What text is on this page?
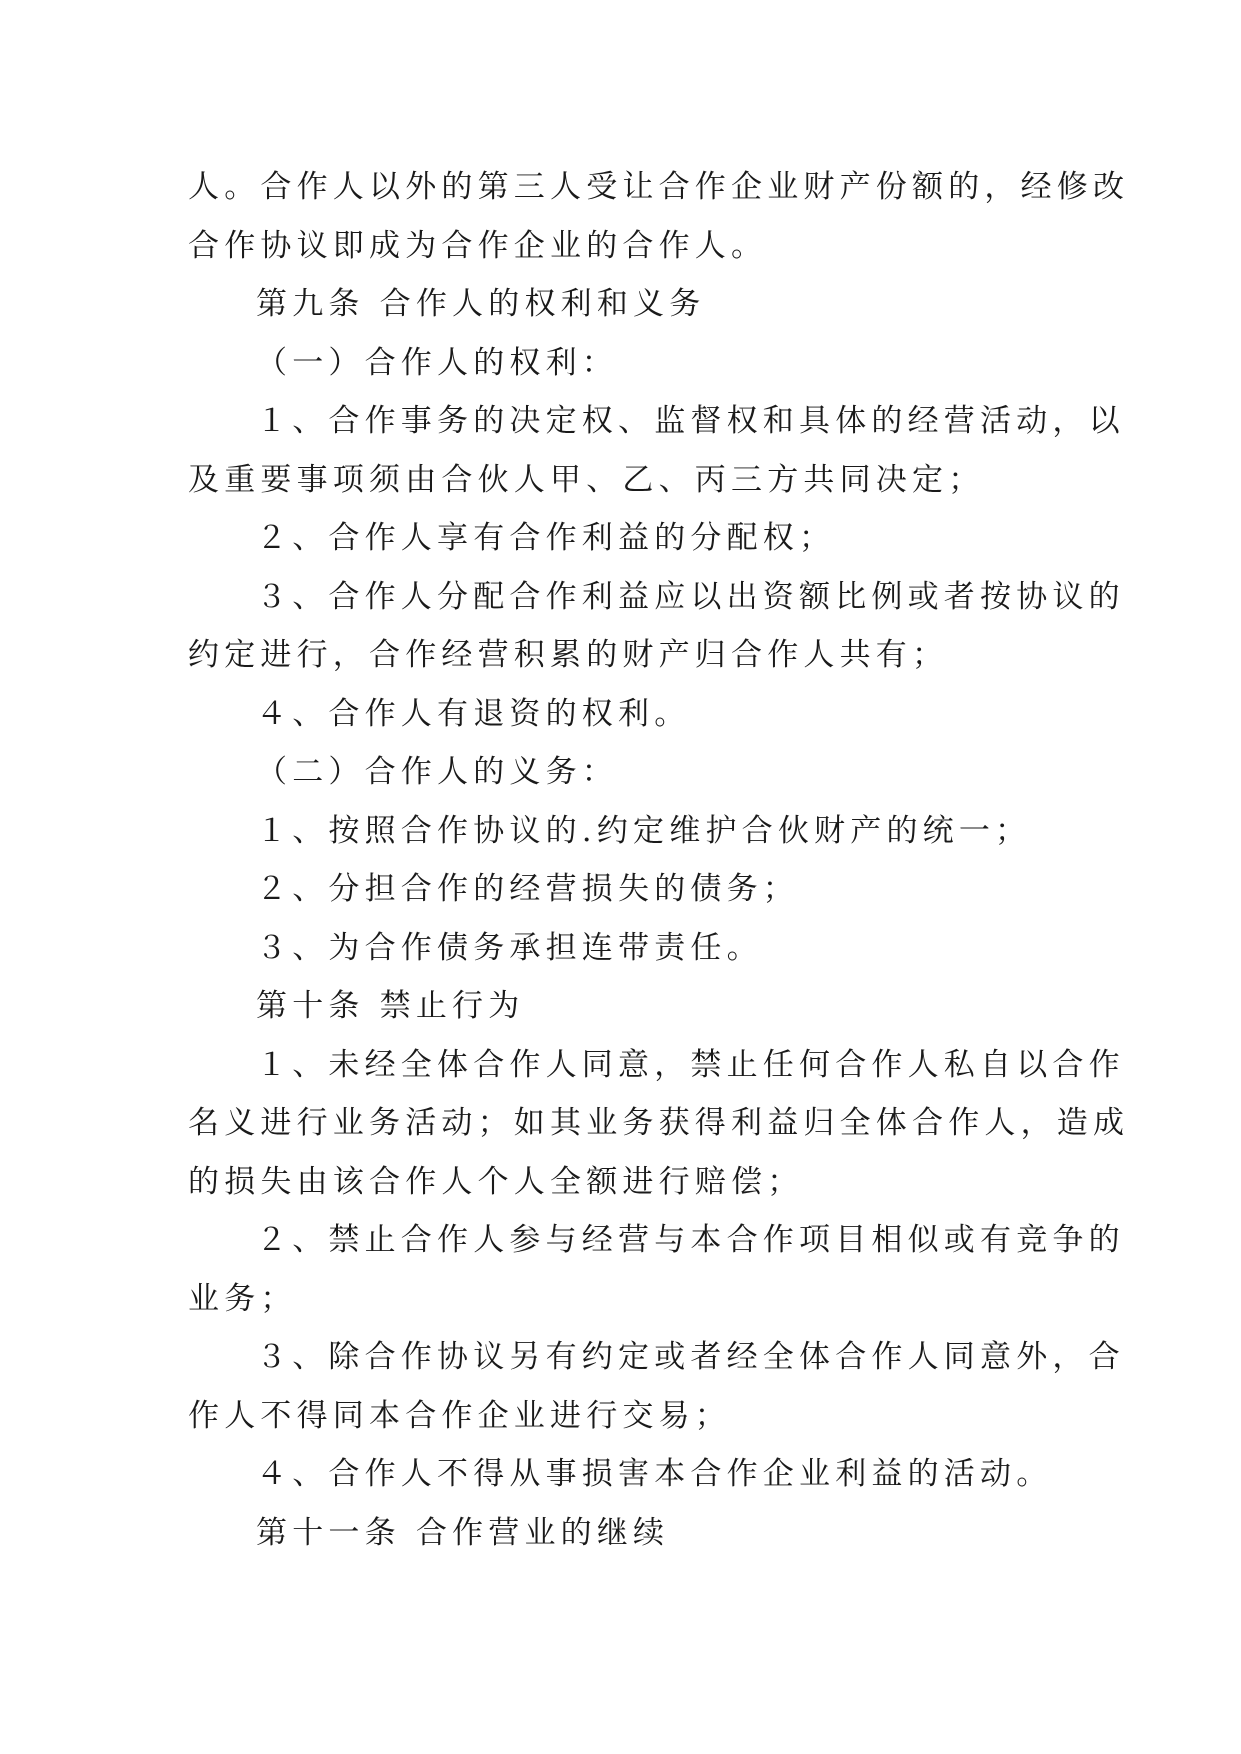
人。合作人以外的第三人受让合作企业财产份额的，经修改
合作协议即成为合作企业的合作人。

第九条 合作人的权利和义务

（一）合作人的权利：

１、合作事务的决定权、监督权和具体的经营活动，以
及重要事项须由合伙人甲、乙、丙三方共同决定；

２、合作人享有合作利益的分配权；

３、合作人分配合作利益应以出资额比例或者按协议的
约定进行，合作经营积累的财产归合作人共有；

４、合作人有退资的权利。

（二）合作人的义务：

１、按照合作协议的.约定维护合伙财产的统一；

２、分担合作的经营损失的债务；

３、为合作债务承担连带责任。

第十条 禁止行为

１、未经全体合作人同意，禁止任何合作人私自以合作
名义进行业务活动；如其业务获得利益归全体合作人，造成
的损失由该合作人个人全额进行赔偿；

２、禁止合作人参与经营与本合作项目相似或有竞争的
业务；

３、除合作协议另有约定或者经全体合作人同意外，合
作人不得同本合作企业进行交易；

４、合作人不得从事损害本合作企业利益的活动。

第十一条 合作营业的继续
